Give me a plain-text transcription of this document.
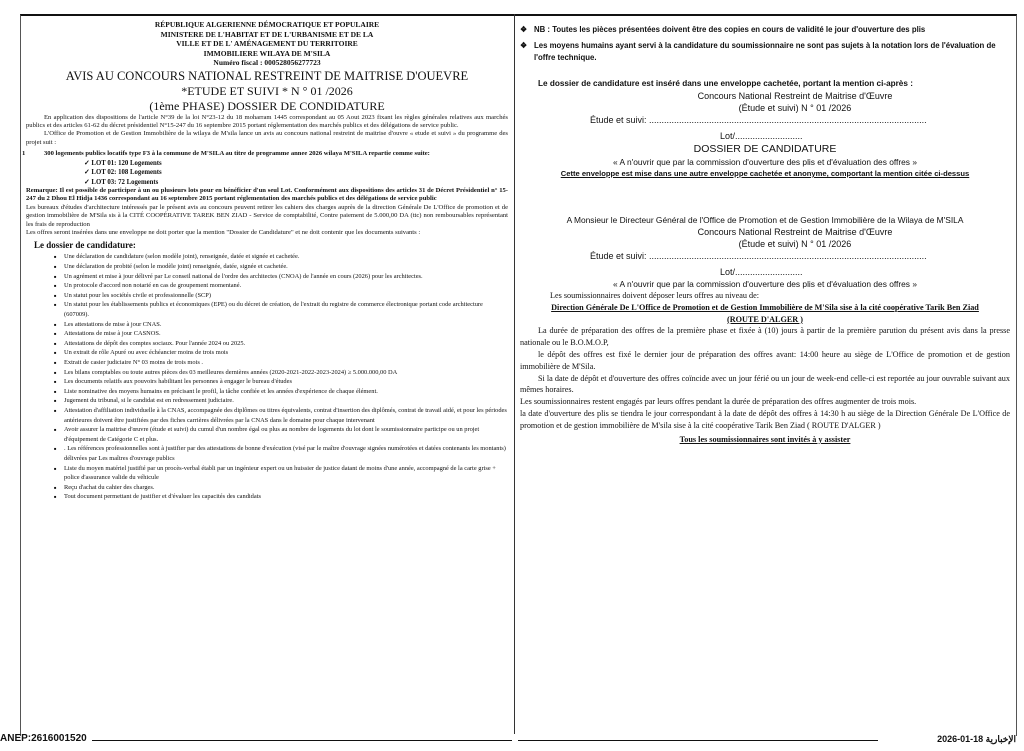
RÉPUBLIQUE ALGERIENNE DÉMOCRATIQUE ET POPULAIRE

MINISTERE DE L'HABITAT ET DE L'URBANISME ET DE LA

VILLE ET DE L' AMÉNAGEMENT DU TERRITOIRE

IMMOBILIERE WILAYA DE M'SILA

Numéro fiscal : 000528056277723

AVIS AU CONCOURS NATIONAL RESTREINT DE MAITRISE D'OUEVRE

*ETUDE ET SUIVI * N ° 01 /2026

(1ème PHASE) DOSSIER DE CONDIDATURE

En application des dispositions de l'article N°39 de la loi N°23-12 du 18 moharram 1445 correspondant au 05 Aout 2023 fixant les règles générales relatives aux marchés publics et des articles 61-62 du décret présidentiel N°15-247 du 16 septembre 2015 portant réglementation des marchés publics et des délégations de service public.

L'Office de Promotion et de Gestion Immobilière de la wilaya de M'sila lance un avis au concours national restreint de maitrise d'ouvre « etude et suivi » du programme des projet suit :

1	300 logements publics locatifs type F3 à la commune de M'SILA au titre de programme annee 2026 wilaya M'SILA repartie comme suite:

✓ LOT 01: 120 Logements
✓ LOT 02: 108 Logements
✓ LOT 03: 72 Logements

Remarque: Il est possible de participer à un ou plusieurs lots pour en bénéficier d'un seul Lot. Conformément aux dispositions des articles 31 de Décret Présidentiel n° 15-247 du 2 Dhou El Hidja 1436 correspondant au 16 septembre 2015 portant réglementation des marchés publics et des délégations de service public

Les bureaux d'études d'architecture intéressés par le présent avis au concours peuvent retirer les cahiers des charges auprès de la direction Générale De L'Office de promotion et de gestion immobilière de M'Sila sis à la CITÉ COOPÉRATIVE TAREK BEN ZIAD - Service de comptabilité, Contre paiement de 5.000,00 DA (ttc) non remboursables représentant les frais de reproduction

Les offres seront insérées dans une enveloppe ne doit porter que la mention "Dossier de Candidature" et ne doit contenir que les documents suivants :

Le dossier de candidature:

■ Une déclaration de candidature (selon modèle joint), renseignée, datée et signée et cachetée.
■ Une déclaration de probité (selon le modèle joint) renseignée, datée, signée et cachetée.
■ Un agrément et mise à jour délivré par Le conseil national de l'ordre des architectes (CNOA) de l'année en cours (2026) pour les architectes.
■ Un protocole d'accord non notarié en cas de groupement momentané.
■ Un statut pour les sociétés civile et professionnelle (SCP)
■ Un statut pour les établissements publics et économiques (EPE) ou du décret de création, de l'extrait du registre de commerce électronique portant code architecture (607009).
■ Les attestations de mise à jour CNAS.
■ Attestations de mise à jour CASNOS.
■ Attestations de dépôt des comptes sociaux. Pour l'année 2024 ou 2025.
■ Un extrait de rôle Apuré ou avec échéancier moins de trois mois
■ Extrait de casier judiciaire N° 03 moins de trois mois .
■ Les bilans comptables ou toute autres pièces des 03 meilleures dernières années (2020-2021-2022-2023-2024) ≥ 5.000.000,00 DA
■ Les documents relatifs aux pouvoirs habilitant les personnes à engager le bureau d'études
■ Liste nominative des moyens humains en précisant le profil, la tâche confiée et les années d'expérience de chaque élément.
■ Jugement du tribunal, si le candidat est en redressement judiciaire.
■ Attestation d'affiliation individuelle à la CNAS, accompagnée des diplômes ou titres équivalents, contrat d'insertion des diplômés, contrat de travail aidé, et pour les périodes antérieures doivent être justifiées par des fiches carrières délivrées par la CNAS dans le domaine pour chaque intervenant
■ Avoir assurer la maitrise d'œuvre (étude et suivi) du cumul d'un nombre égal ou plus au nombre de logements du lot dont le soumissionnaire participe ou un projet d'équipement de Catégorie C et plus.
■ . Les références professionnelles sont à justifier par des attestations de bonne d'exécution (visé par le maître d'ouvrage signées numérotées et datées contenants les montants) délivrées par Les maîtres d'ouvrage publics
■ Liste du moyen matériel justifié par un procès-verbal établi par un ingénieur expert ou un huissier de justice datant de moins d'une année, accompagné de la carte grise + police d'assurance valide du véhicule
■ Reçu d'achat du cahier des charges.
■ Tout document permettant de justifier et d'évaluer les capacités des candidats

❖ NB : Toutes les pièces présentées doivent être des copies en cours de validité le jour d'ouverture des plis

❖ Les moyens humains ayant servi à la candidature du soumissionnaire ne sont pas sujets à la notation lors de l'évaluation de l'offre technique.

Le dossier de candidature est inséré dans une enveloppe cachetée, portant la mention ci-après :

Concours National Restreint de Maitrise d'Œuvre

(Étude et suivi) N ° 01 /2026

Étude et suivi: ...............................................................................................................

Lot/...........................

DOSSIER DE CANDIDATURE

« A n'ouvrir que par la commission d'ouverture des plis et d'évaluation des offres »

Cette enveloppe est mise dans une autre enveloppe cachetée et anonyme, comportant la mention citée ci-dessus

A Monsieur le Directeur Général de l'Office de Promotion et de Gestion Immobilière de la Wilaya de M'SILA

Concours National Restreint de Maitrise d'Œuvre

(Étude et suivi) N ° 01 /2026

Étude et suivi: ...............................................................................................................

Lot/...........................

« A n'ouvrir que par la commission d'ouverture des plis et d'évaluation des offres »

Les soumissionnaires doivent déposer leurs offres au niveau de:

Direction Générale De L'Office de Promotion et de Gestion Immobilière de M'Sila sise à la cité coopérative Tarik Ben Ziad

(ROUTE D'ALGER )

La durée de préparation des offres de la première phase et fixée à (10) jours à partir de la première parution du présent avis dans la presse nationale ou le B.O.M.O.P,

le dépôt des offres est fixé le dernier jour de préparation des offres avant: 14:00 heure au siège de L'Office de promotion et de gestion immobilière de M'Sila.

Si la date de dépôt et d'ouverture des offres coïncide avec un jour férié ou un jour de week-end celle-ci est reportée au jour ouvrable suivant aux mêmes horaires.

Les soumissionnaires restent engagés par leurs offres pendant la durée de préparation des offres augmenter de trois mois.

la date d'ouverture des plis se tiendra le jour correspondant à la date de dépôt des offres à 14:30 h au siège de la Direction Générale De L'Office de promotion et de gestion immobilière de M'sila sise à la cité coopérative Tarik Ben Ziad ( ROUTE D'ALGER )

Tous les soumissionnaires sont invités à y assister

ANEP:2616001520	2026-01-18 الإخبارية
